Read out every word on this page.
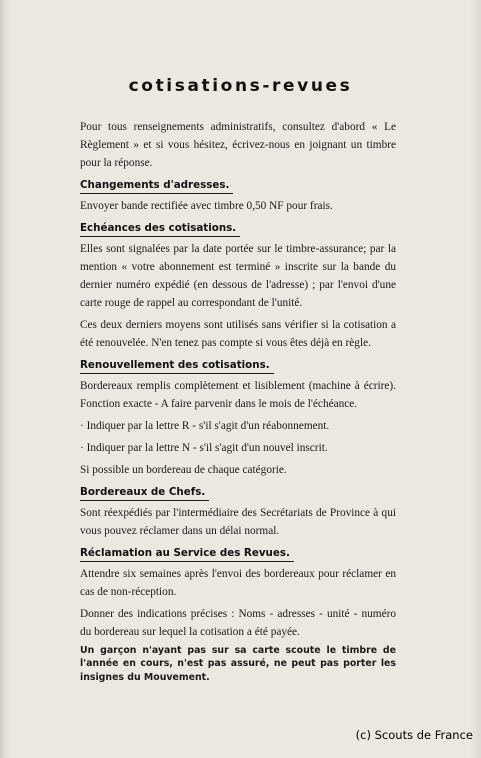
cotisations-revues

Pour tous renseignements administratifs, consultez d'abord « Le Règlement » et si vous hésitez, écrivez-nous en joignant un timbre pour la réponse.

Changements d'adresses.

Envoyer bande rectifiée avec timbre 0,50 NF pour frais.

Echéances des cotisations.

Elles sont signalées par la date portée sur le timbre-assurance; par la mention « votre abonnement est terminé » inscrite sur la bande du dernier numéro expédié (en dessous de l'adresse) ; par l'envoi d'une carte rouge de rappel au correspondant de l'unité.

Ces deux derniers moyens sont utilisés sans vérifier si la cotisation a été renouvelée. N'en tenez pas compte si vous êtes déjà en règle.

Renouvellement des cotisations.

Bordereaux remplis complètement et lisiblement (machine à écrire). Fonction exacte - A faire parvenir dans le mois de l'échéance.

· Indiquer par la lettre R - s'il s'agit d'un réabonnement.

· Indiquer par la lettre N - s'il s'agit d'un nouvel inscrit.

Si possible un bordereau de chaque catégorie.

Bordereaux de Chefs.

Sont réexpédiés par l'intermédiaire des Secrétariats de Province à qui vous pouvez réclamer dans un délai normal.

Réclamation au Service des Revues.

Attendre six semaines après l'envoi des bordereaux pour réclamer en cas de non-réception.

Donner des indications précises : Noms - adresses - unité - numéro du bordereau sur lequel la cotisation a été payée.

Un garçon n'ayant pas sur sa carte scoute le timbre de l'année en cours, n'est pas assuré, ne peut pas porter les insignes du Mouvement.

(c) Scouts de France
